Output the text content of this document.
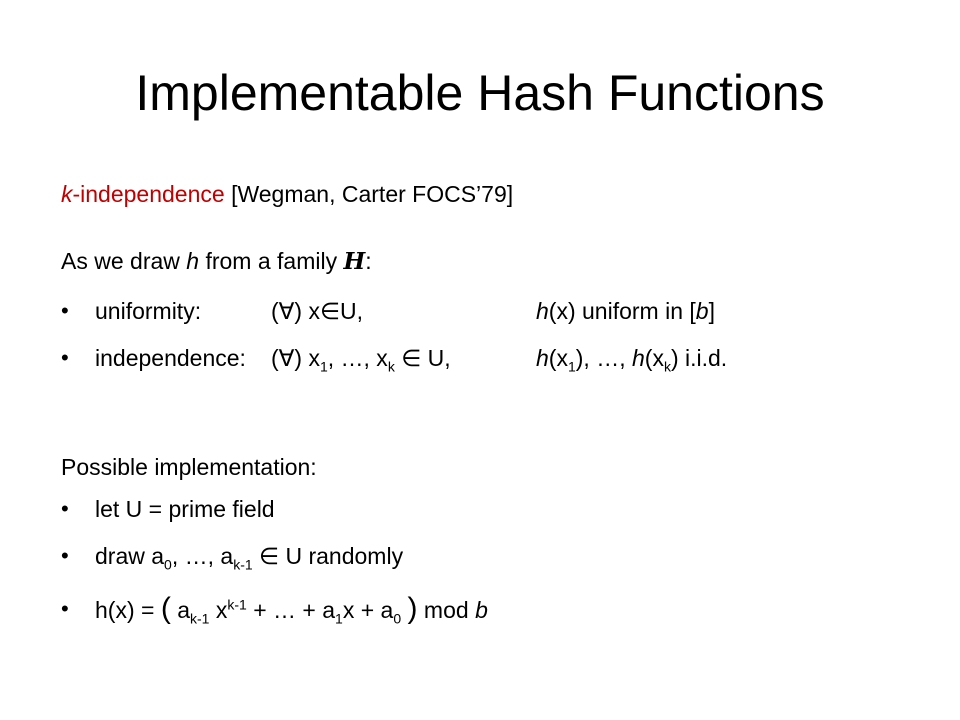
Implementable Hash Functions
k-independence [Wegman, Carter FOCS’79]
As we draw h from a family H:
• uniformity:	(∀) x∈U,	h(x) uniform in [b]
• independence: (∀) $x_1$, …, $x_k$ ∈ U,	$h(x_1)$, …, $h(x_k)$ i.i.d.
Possible implementation:
• let U = prime field
• draw $a_0$, …, $a_{k-1}$ ∈ U randomly
• h(x) = ( $a_{k-1}$ $x^{k-1}$ + … + $a_1x + a_0$ ) mod b
